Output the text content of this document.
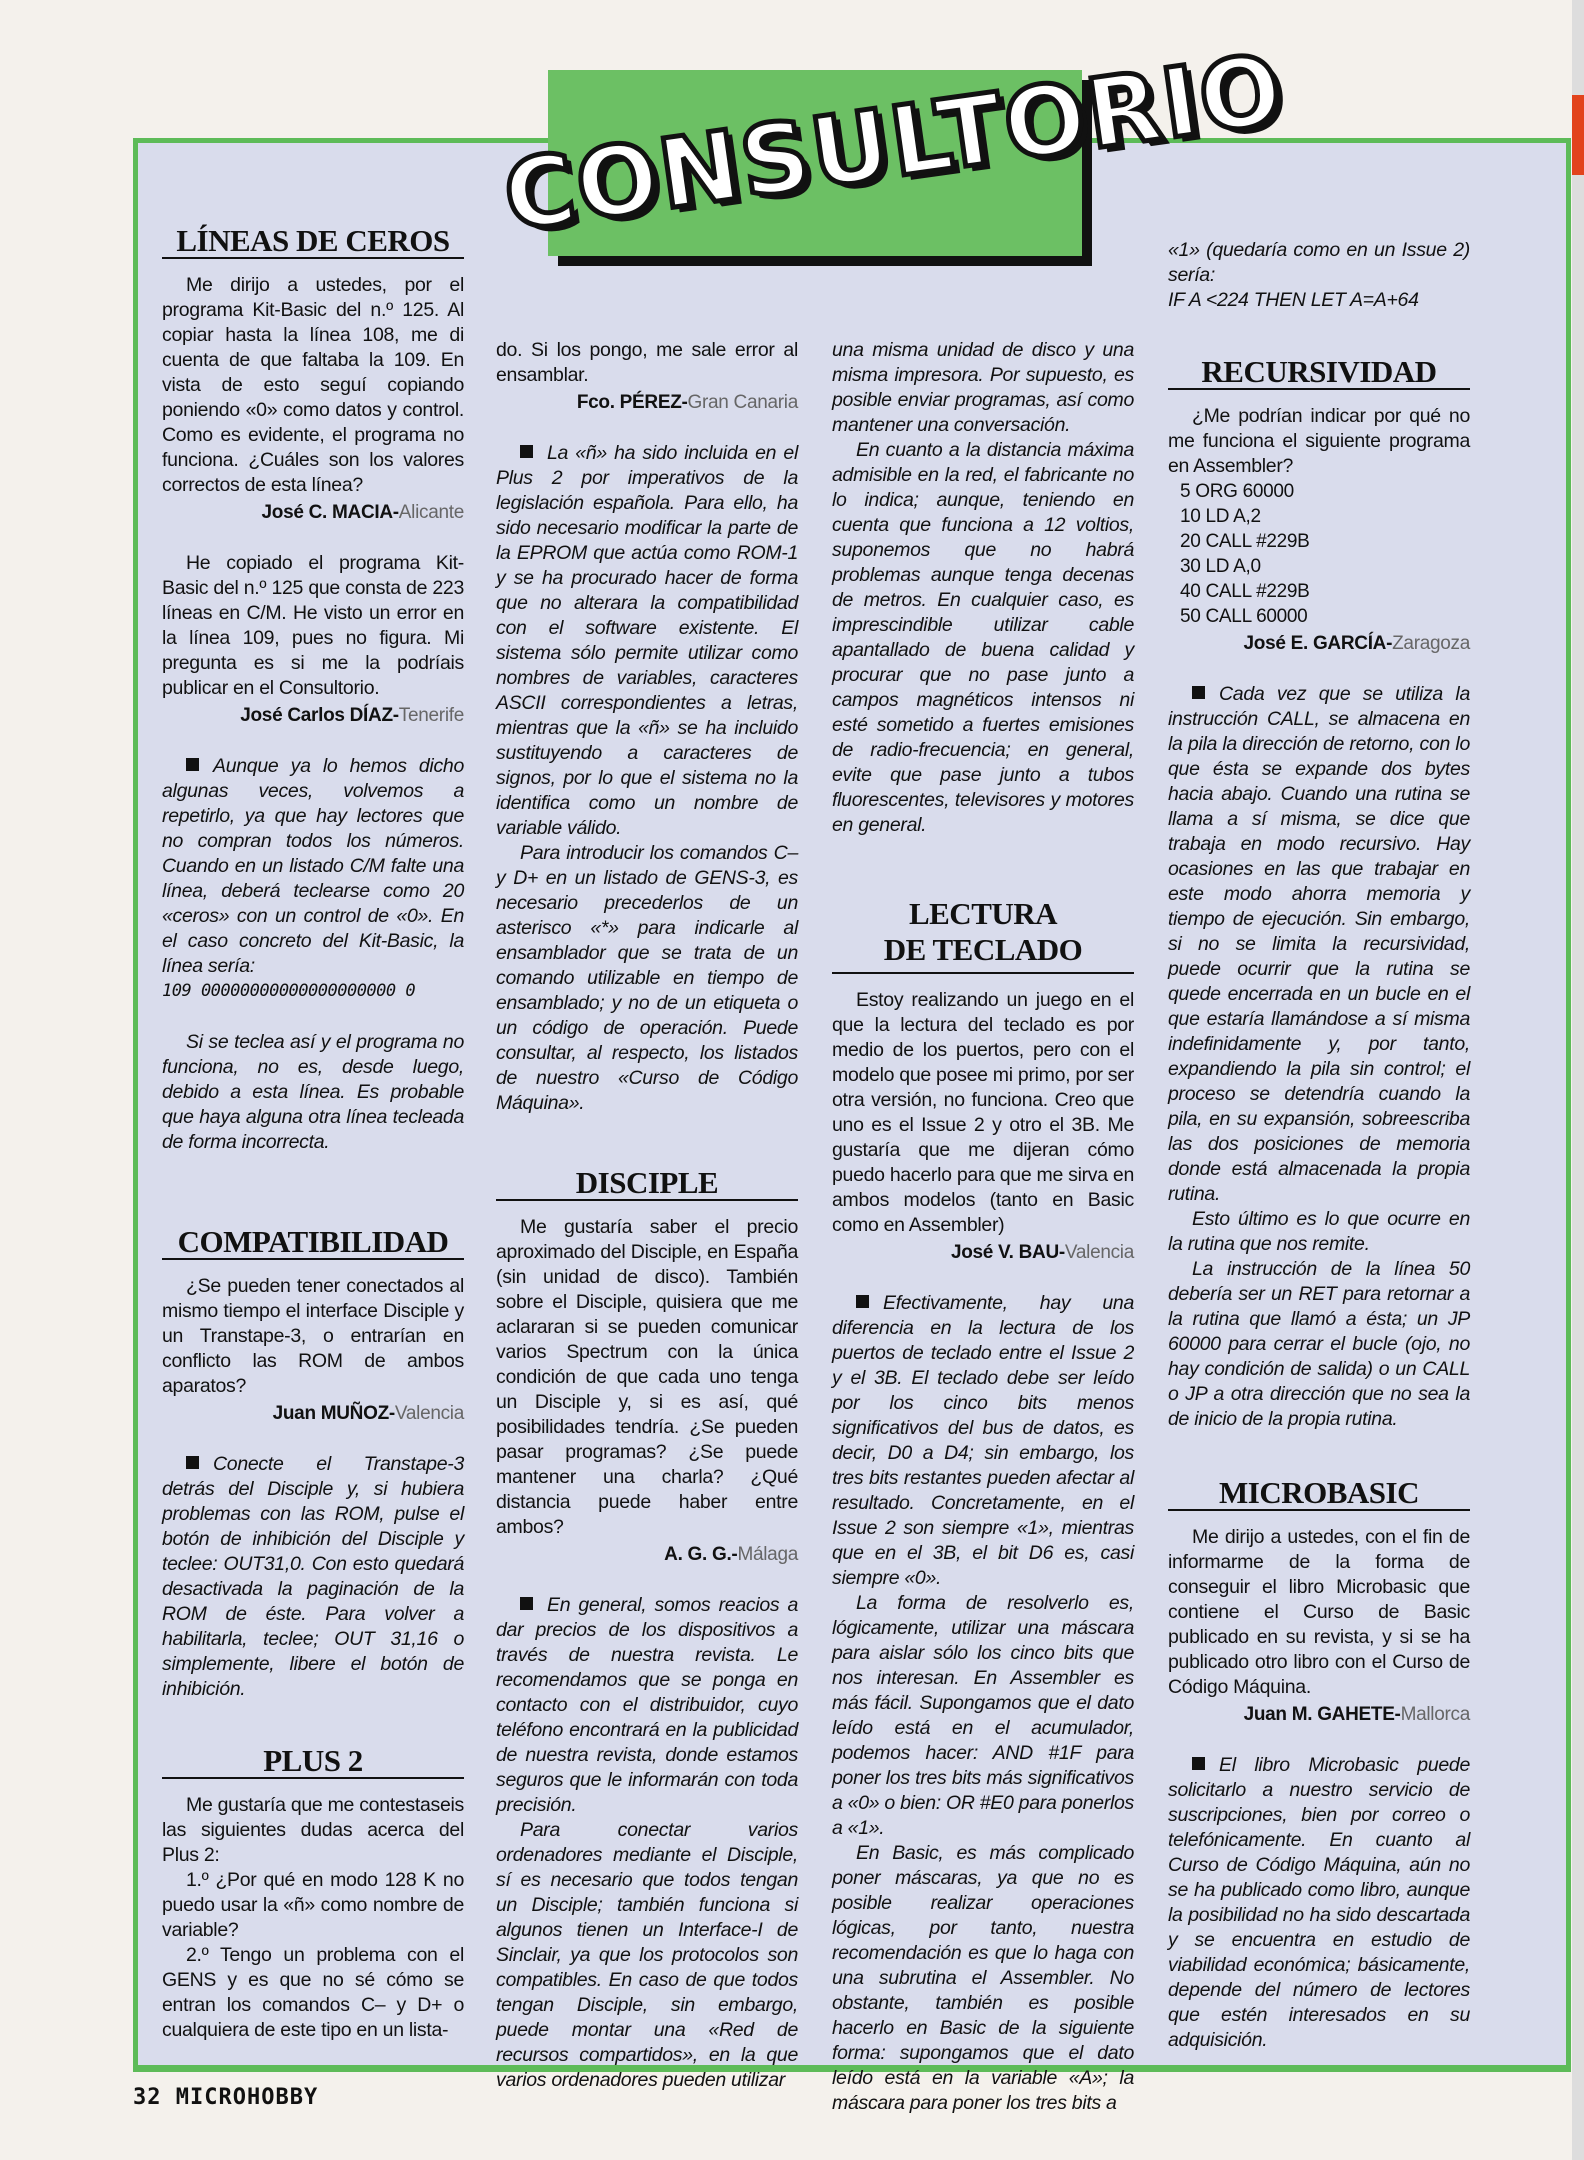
CONSULTORIO
LÍNEAS DE CEROS

Me dirijo a ustedes, por el programa Kit-Basic del n.º 125. Al copiar hasta la línea 108, me di cuenta de que faltaba la 109. En vista de esto seguí copiando poniendo «0» como datos y control. Como es evidente, el programa no funciona. ¿Cuáles son los valores correctos de esta línea?

José C. MACIA-Alicante

He copiado el programa Kit-Basic del n.º 125 que consta de 223 líneas en C/M. He visto un error en la línea 109, pues no figura. Mi pregunta es si me la podríais publicar en el Consultorio.

José Carlos DÍAZ-Tenerife

Aunque ya lo hemos dicho algunas veces, volvemos a repetirlo, ya que hay lectores que no compran todos los números. Cuando en un listado C/M falte una línea, deberá teclearse como 20 «ceros» con un control de «0». En el caso concreto del Kit-Basic, la línea sería:

109 00000000000000000000 0

Si se teclea así y el programa no funciona, no es, desde luego, debido a esta línea. Es probable que haya alguna otra línea tecleada de forma incorrecta.

COMPATIBILIDAD

¿Se pueden tener conectados al mismo tiempo el interface Disciple y un Transtape-3, o entrarían en conflicto las ROM de ambos aparatos?

Juan MUÑOZ-Valencia

Conecte el Transtape-3 detrás del Disciple y, si hubiera problemas con las ROM, pulse el botón de inhibición del Disciple y teclee: OUT31,0. Con esto quedará desactivada la paginación de la ROM de éste. Para volver a habilitarla, teclee; OUT 31,16 o simplemente, libere el botón de inhibición.

PLUS 2

Me gustaría que me contestaseis las siguientes dudas acerca del Plus 2:

1.º ¿Por qué en modo 128 K no puedo usar la «ñ» como nombre de variable?

2.º Tengo un problema con el GENS y es que no sé cómo se entran los comandos C– y D+ o cualquiera de este tipo en un lista-

do. Si los pongo, me sale error al ensamblar.

Fco. PÉREZ-Gran Canaria

La «ñ» ha sido incluida en el Plus 2 por imperativos de la legislación española. Para ello, ha sido necesario modificar la parte de la EPROM que actúa como ROM-1 y se ha procurado hacer de forma que no alterara la compatibilidad con el software existente. El sistema sólo permite utilizar como nombres de variables, caracteres ASCII correspondientes a letras, mientras que la «ñ» se ha incluido sustituyendo a caracteres de signos, por lo que el sistema no la identifica como un nombre de variable válido.

Para introducir los comandos C– y D+ en un listado de GENS-3, es necesario precederlos de un asterisco «*» para indicarle al ensamblador que se trata de un comando utilizable en tiempo de ensamblado; y no de un etiqueta o un código de operación. Puede consultar, al respecto, los listados de nuestro «Curso de Código Máquina».

DISCIPLE

Me gustaría saber el precio aproximado del Disciple, en España (sin unidad de disco). También sobre el Disciple, quisiera que me aclararan si se pueden comunicar varios Spectrum con la única condición de que cada uno tenga un Disciple y, si es así, qué posibilidades tendría. ¿Se pueden pasar programas? ¿Se puede mantener una charla? ¿Qué distancia puede haber entre ambos?

A. G. G.-Málaga

En general, somos reacios a dar precios de los dispositivos a través de nuestra revista. Le recomendamos que se ponga en contacto con el distribuidor, cuyo teléfono encontrará en la publicidad de nuestra revista, donde estamos seguros que le informarán con toda precisión.

Para conectar varios ordenadores mediante el Disciple, sí es necesario que todos tengan un Disciple; también funciona si algunos tienen un Interface-I de Sinclair, ya que los protocolos son compatibles. En caso de que todos tengan Disciple, sin embargo, puede montar una «Red de recursos compartidos», en la que varios ordenadores pueden utilizar

una misma unidad de disco y una misma impresora. Por supuesto, es posible enviar programas, así como mantener una conversación.

En cuanto a la distancia máxima admisible en la red, el fabricante no lo indica; aunque, teniendo en cuenta que funciona a 12 voltios, suponemos que no habrá problemas aunque tenga decenas de metros. En cualquier caso, es imprescindible utilizar cable apantallado de buena calidad y procurar que no pase junto a campos magnéticos intensos ni esté sometido a fuertes emisiones de radio-frecuencia; en general, evite que pase junto a tubos fluorescentes, televisores y motores en general.

LECTURA
DE TECLADO

Estoy realizando un juego en el que la lectura del teclado es por medio de los puertos, pero con el modelo que posee mi primo, por ser otra versión, no funciona. Creo que uno es el Issue 2 y otro el 3B. Me gustaría que me dijeran cómo puedo hacerlo para que me sirva en ambos modelos (tanto en Basic como en Assembler)

José V. BAU-Valencia

Efectivamente, hay una diferencia en la lectura de los puertos de teclado entre el Issue 2 y el 3B. El teclado debe ser leído por los cinco bits menos significativos del bus de datos, es decir, D0 a D4; sin embargo, los tres bits restantes pueden afectar al resultado. Concretamente, en el Issue 2 son siempre «1», mientras que en el 3B, el bit D6 es, casi siempre «0».

La forma de resolverlo es, lógicamente, utilizar una máscara para aislar sólo los cinco bits que nos interesan. En Assembler es más fácil. Supongamos que el dato leído está en el acumulador, podemos hacer: AND #1F para poner los tres bits más significativos a «0» o bien: OR #E0 para ponerlos a «1».

En Basic, es más complicado poner máscaras, ya que no es posible realizar operaciones lógicas, por tanto, nuestra recomendación es que lo haga con una subrutina el Assembler. No obstante, también es posible hacerlo en Basic de la siguiente forma: supongamos que el dato leído está en la variable «A»; la máscara para poner los tres bits a

«1» (quedaría como en un Issue 2) sería:

IF A <224 THEN LET A=A+64

RECURSIVIDAD

¿Me podrían indicar por qué no me funciona el siguiente programa en Assembler?

5 ORG 60000
10 LD A,2
20 CALL #229B
30 LD A,0
40 CALL #229B
50 CALL 60000
José E. GARCÍA-Zaragoza

Cada vez que se utiliza la instrucción CALL, se almacena en la pila la dirección de retorno, con lo que ésta se expande dos bytes hacia abajo. Cuando una rutina se llama a sí misma, se dice que trabaja en modo recursivo. Hay ocasiones en las que trabajar en este modo ahorra memoria y tiempo de ejecución. Sin embargo, si no se limita la recursividad, puede ocurrir que la rutina se quede encerrada en un bucle en el que estaría llamándose a sí misma indefinidamente y, por tanto, expandiendo la pila sin control; el proceso se detendría cuando la pila, en su expansión, sobreescriba las dos posiciones de memoria donde está almacenada la propia rutina.

Esto último es lo que ocurre en la rutina que nos remite.

La instrucción de la línea 50 debería ser un RET para retornar a la rutina que llamó a ésta; un JP 60000 para cerrar el bucle (ojo, no hay condición de salida) o un CALL o JP a otra dirección que no sea la de inicio de la propia rutina.

MICROBASIC

Me dirijo a ustedes, con el fin de informarme de la forma de conseguir el libro Microbasic que contiene el Curso de Basic publicado en su revista, y si se ha publicado otro libro con el Curso de Código Máquina.

Juan M. GAHETE-Mallorca

El libro Microbasic puede solicitarlo a nuestro servicio de suscripciones, bien por correo o telefónicamente. En cuanto al Curso de Código Máquina, aún no se ha publicado como libro, aunque la posibilidad no ha sido descartada y se encuentra en estudio de viabilidad económica; básicamente, depende del número de lectores que estén interesados en su adquisición.

32 MICROHOBBY
